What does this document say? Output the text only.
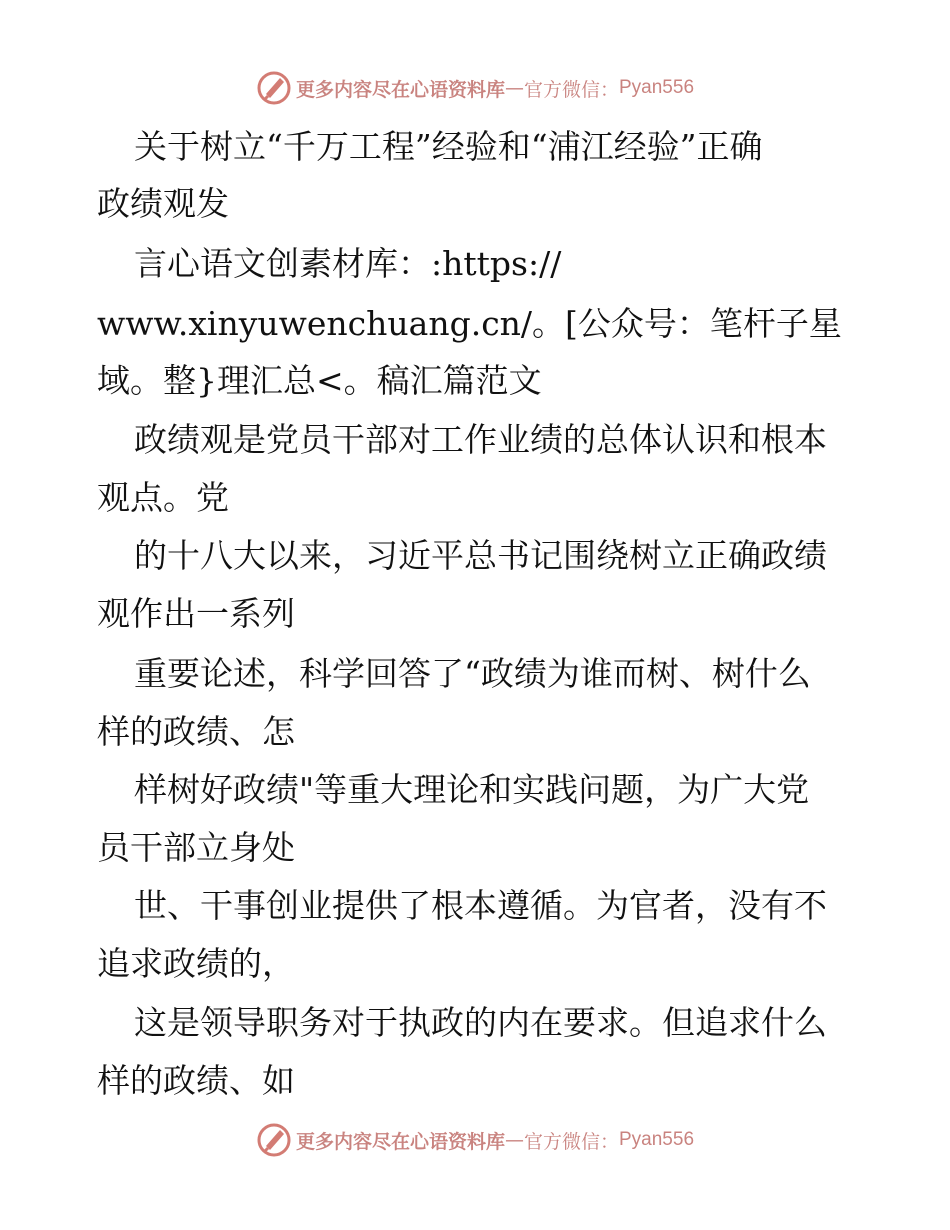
更多内容尽在心语资料库 — 官方微信： Pyan556
关于树立“千万工程”经验和“浦江经验”正确
政绩观发
言心语文创素材库：:https://
www.xinyuwenchuang.cn/。[公众号：笔杆子星
域。整}理汇总<。稿汇篇范文
政绩观是党员干部对工作业绩的总体认识和根本
观点。党
的十八大以来，习近平总书记围绕树立正确政绩
观作出一系列
重要论述，科学回答了“政绩为谁而树、树什么
样的政绩、怎
样树好政绩"等重大理论和实践问题，为广大党
员干部立身处
世、干事创业提供了根本遵循。为官者，没有不
追求政绩的，
这是领导职务对于执政的内在要求。但追求什么
样的政绩、如
更多内容尽在心语资料库 — 官方微信： Pyan556
